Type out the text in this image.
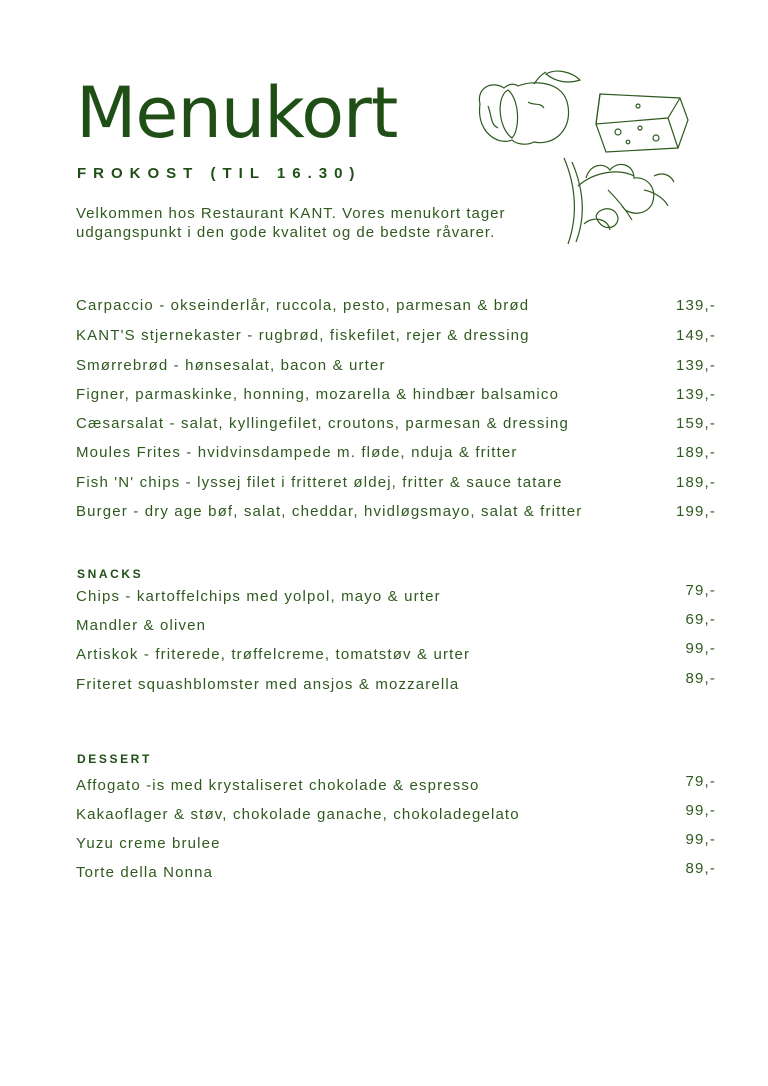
Menukort
FROKOST (TIL 16.30)

Velkommen hos Restaurant KANT. Vores menukort tager udgangspunkt i den gode kvalitet og de bedste råvarer.

Carpaccio - okseinderlår, ruccola, pesto, parmesan & brød	139,-
KANT'S stjernekaster - rugbrød, fiskefilet, rejer & dressing	149,-
Smørrebrød - hønsesalat, bacon & urter	139,-
Figner, parmaskinke, honning, mozarella & hindbær balsamico	139,-
Cæsarsalat - salat, kyllingefilet, croutons, parmesan & dressing	159,-
Moules Frites - hvidvinsdampede m. fløde, nduja & fritter	189,-
Fish 'N' chips - lyssej filet i fritteret øldej, fritter & sauce tatare	189,-
Burger - dry age bøf, salat, cheddar, hvidløgsmayo, salat & fritter	199,-
SNACKS
Chips - kartoffelchips med yolpol, mayo & urter	79,-
Mandler & oliven	69,-
Artiskok - friterede, trøffelcreme, tomatstøv & urter	99,-
Friteret squashblomster med ansjos & mozzarella	89,-
DESSERT
Affogato -is med krystaliseret chokolade & espresso	79,-
Kakaoflager & støv, chokolade ganache, chokoladegelato	99,-
Yuzu creme brulee	99,-
Torte della Nonna	89,-
